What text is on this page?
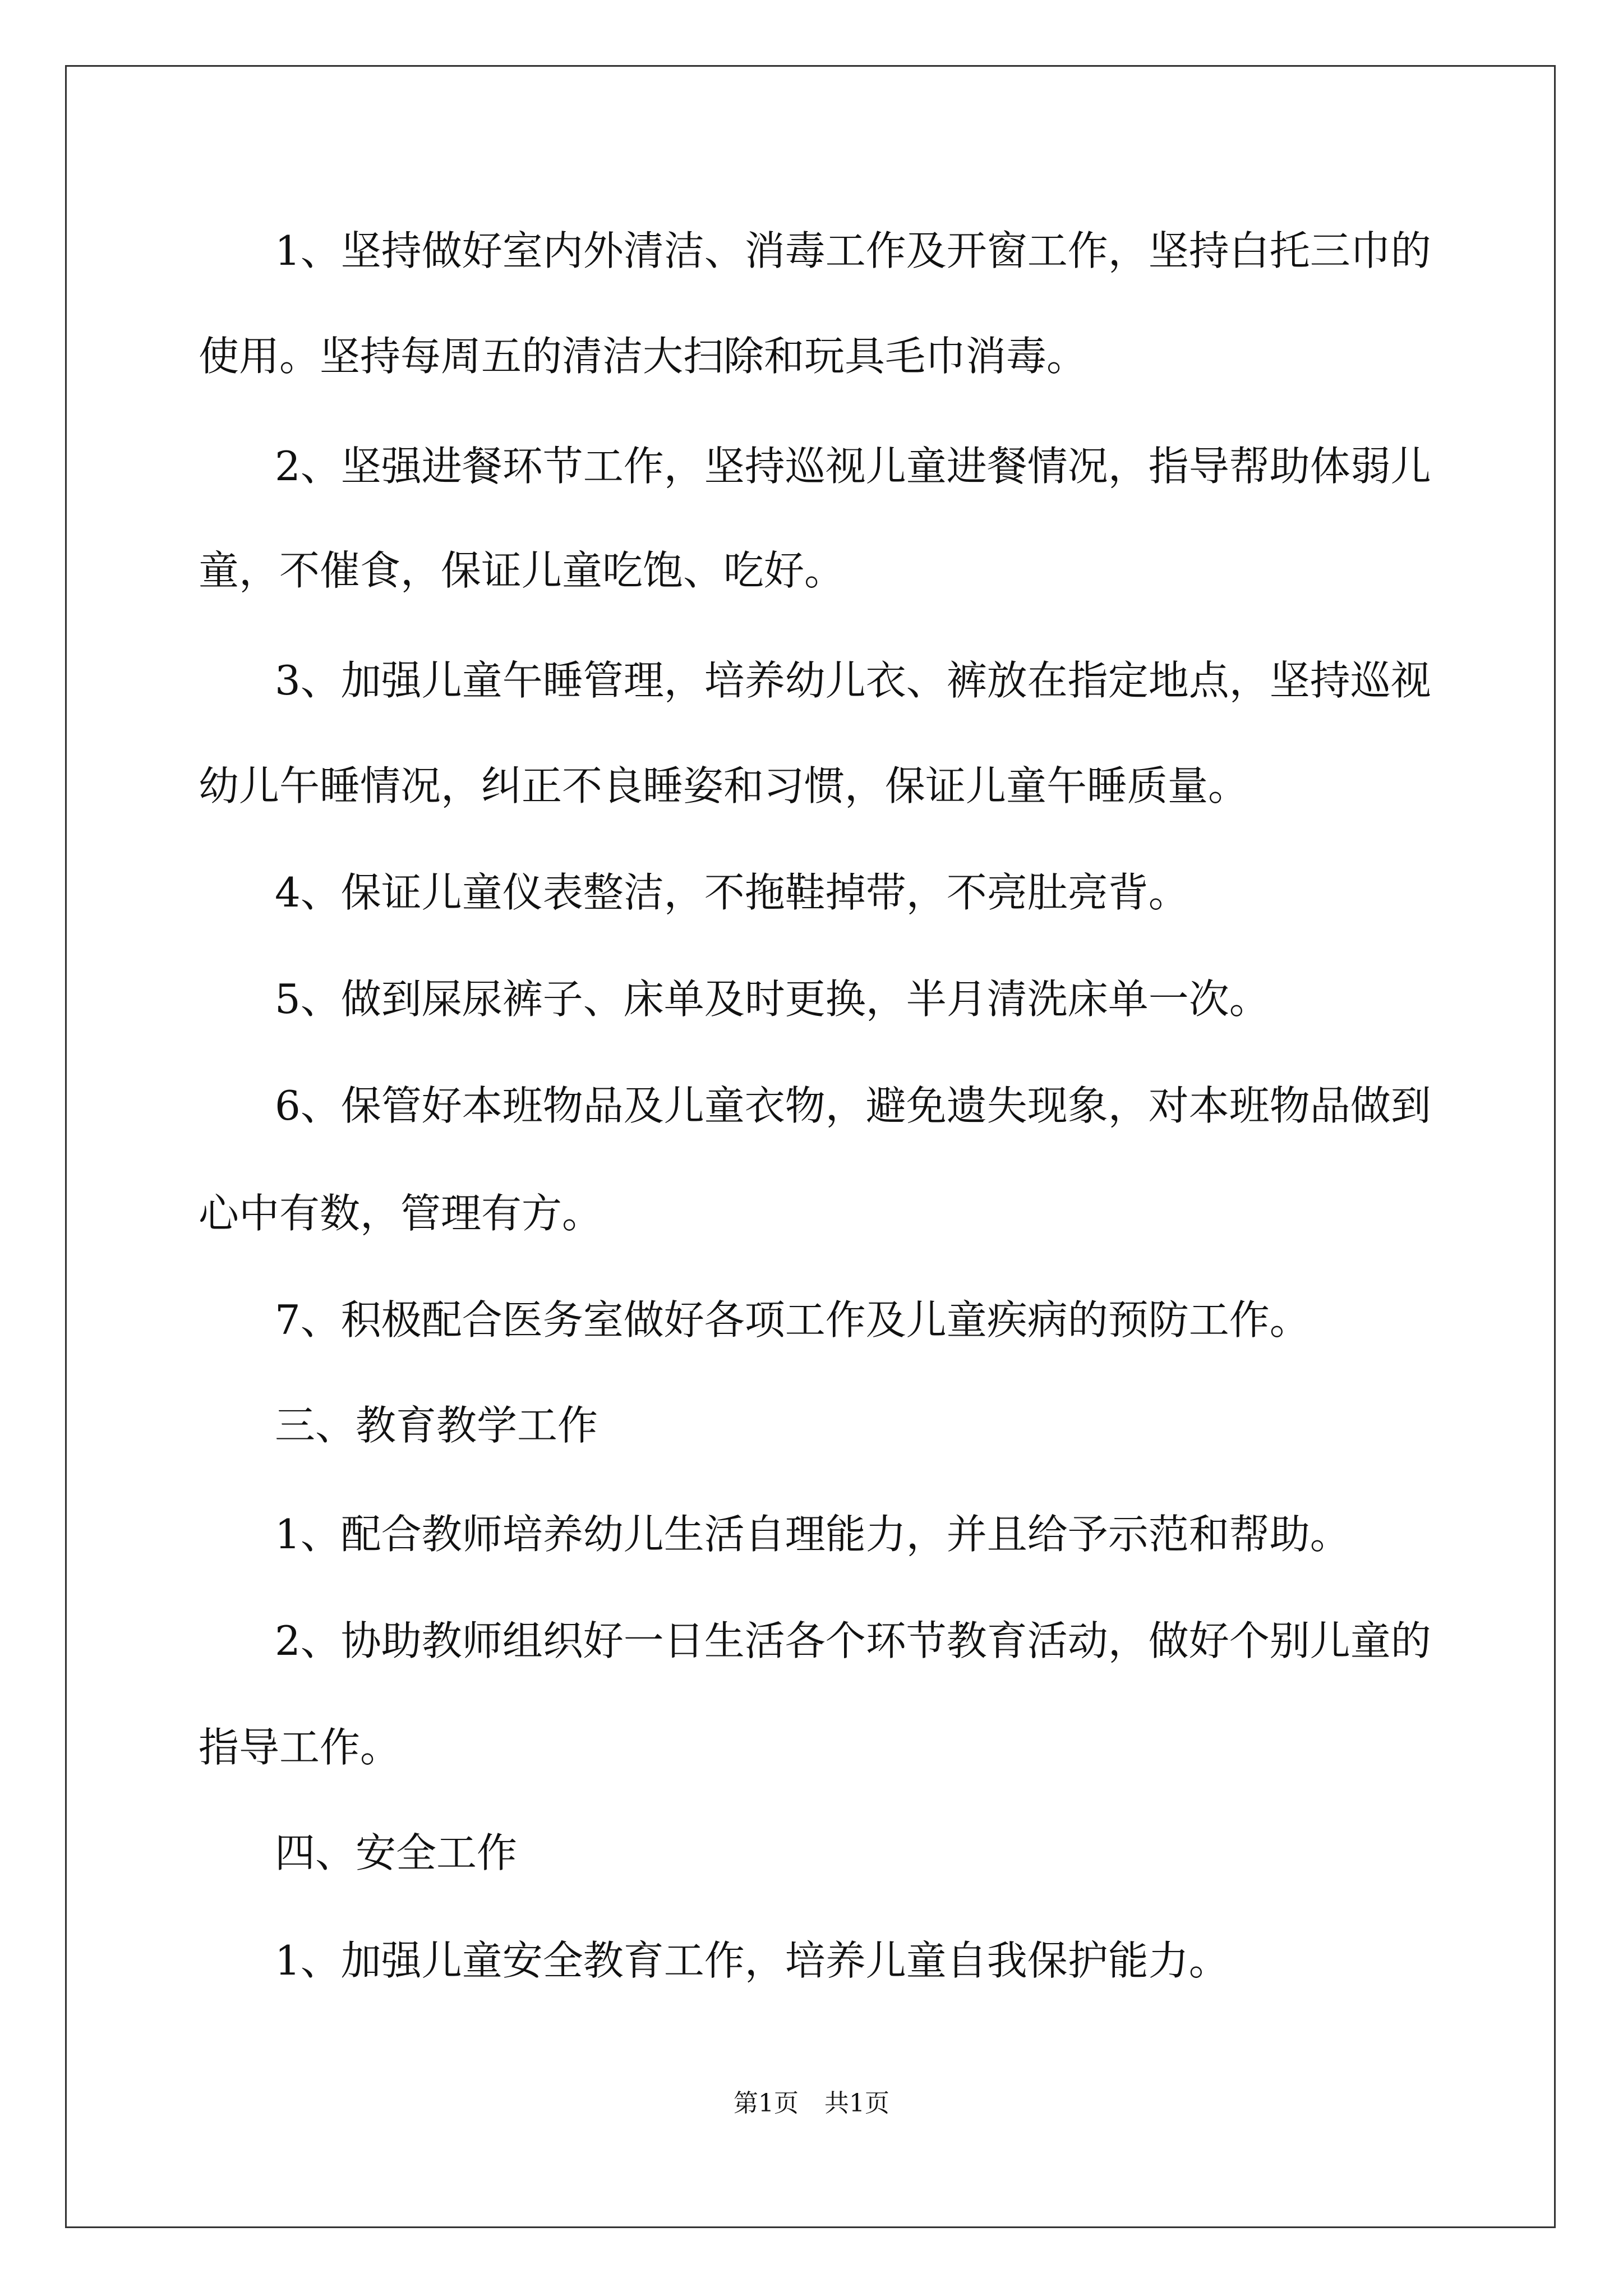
1、坚持做好室内外清洁、消毒工作及开窗工作，坚持白托三巾的

使用。坚持每周五的清洁大扫除和玩具毛巾消毒。

2、坚强进餐环节工作，坚持巡视儿童进餐情况，指导帮助体弱儿

童，不催食，保证儿童吃饱、吃好。

3、加强儿童午睡管理，培养幼儿衣、裤放在指定地点，坚持巡视

幼儿午睡情况，纠正不良睡姿和习惯，保证儿童午睡质量。

4、保证儿童仪表整洁，不拖鞋掉带，不亮肚亮背。

5、做到屎尿裤子、床单及时更换，半月清洗床单一次。

6、保管好本班物品及儿童衣物，避免遗失现象，对本班物品做到

心中有数，管理有方。

7、积极配合医务室做好各项工作及儿童疾病的预防工作。

三、教育教学工作

1、配合教师培养幼儿生活自理能力，并且给予示范和帮助。

2、协助教师组织好一日生活各个环节教育活动，做好个别儿童的

指导工作。

四、安全工作

1、加强儿童安全教育工作，培养儿童自我保护能力。

第1页 共1页
